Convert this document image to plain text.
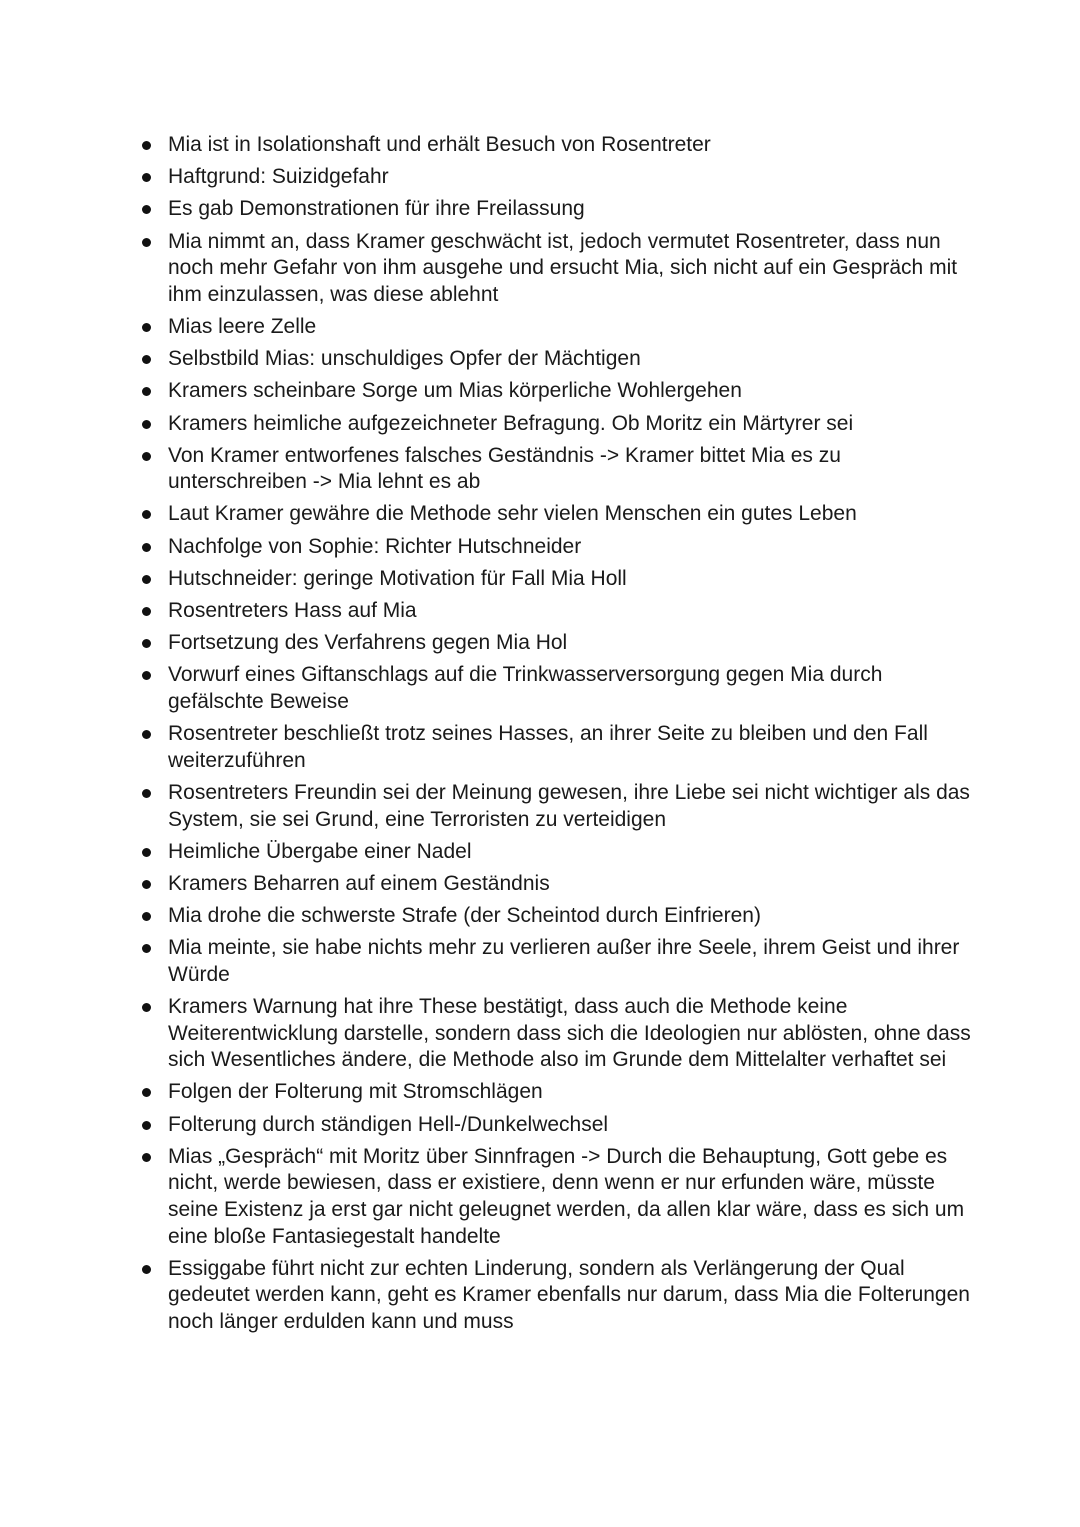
Mia ist in Isolationshaft und erhält Besuch von Rosentreter
Haftgrund: Suizidgefahr
Es gab Demonstrationen für ihre Freilassung
Mia nimmt an, dass Kramer geschwächt ist, jedoch vermutet Rosentreter, dass nun noch mehr Gefahr von ihm ausgehe und ersucht Mia, sich nicht auf ein Gespräch mit ihm einzulassen, was diese ablehnt
Mias leere Zelle
Selbstbild Mias: unschuldiges Opfer der Mächtigen
Kramers scheinbare Sorge um Mias körperliche Wohlergehen
Kramers heimliche aufgezeichneter Befragung. Ob Moritz ein Märtyrer sei
Von Kramer entworfenes falsches Geständnis -> Kramer bittet Mia es zu unterschreiben -> Mia lehnt es ab
Laut Kramer gewähre die Methode sehr vielen Menschen ein gutes Leben
Nachfolge von Sophie: Richter Hutschneider
Hutschneider: geringe Motivation für Fall Mia Holl
Rosentreters Hass auf Mia
Fortsetzung des Verfahrens gegen Mia Hol
Vorwurf eines Giftanschlags auf die Trinkwasserversorgung gegen Mia durch gefälschte Beweise
Rosentreter beschließt trotz seines Hasses, an ihrer Seite zu bleiben und den Fall weiterzuführen
Rosentreters Freundin sei der Meinung gewesen, ihre Liebe sei nicht wichtiger als das System, sie sei Grund, eine Terroristen zu verteidigen
Heimliche Übergabe einer Nadel
Kramers Beharren auf einem Geständnis
Mia drohe die schwerste Strafe (der Scheintod durch Einfrieren)
Mia meinte, sie habe nichts mehr zu verlieren außer ihre Seele, ihrem Geist und ihrer Würde
Kramers Warnung hat ihre These bestätigt, dass auch die Methode keine Weiterentwicklung darstelle, sondern dass sich die Ideologien nur ablösten, ohne dass sich Wesentliches ändere, die Methode also im Grunde dem Mittelalter verhaftet sei
Folgen der Folterung mit Stromschlägen
Folterung durch ständigen Hell-/Dunkelwechsel
Mias „Gespräch“ mit Moritz über Sinnfragen -> Durch die Behauptung, Gott gebe es nicht, werde bewiesen, dass er existiere, denn wenn er nur erfunden wäre, müsste seine Existenz ja erst gar nicht geleugnet werden, da allen klar wäre, dass es sich um eine bloße Fantasiegestalt handelte
Essiggabe führt nicht zur echten Linderung, sondern als Verlängerung der Qual gedeutet werden kann, geht es Kramer ebenfalls nur darum, dass Mia die Folterungen noch länger erdulden kann und muss
